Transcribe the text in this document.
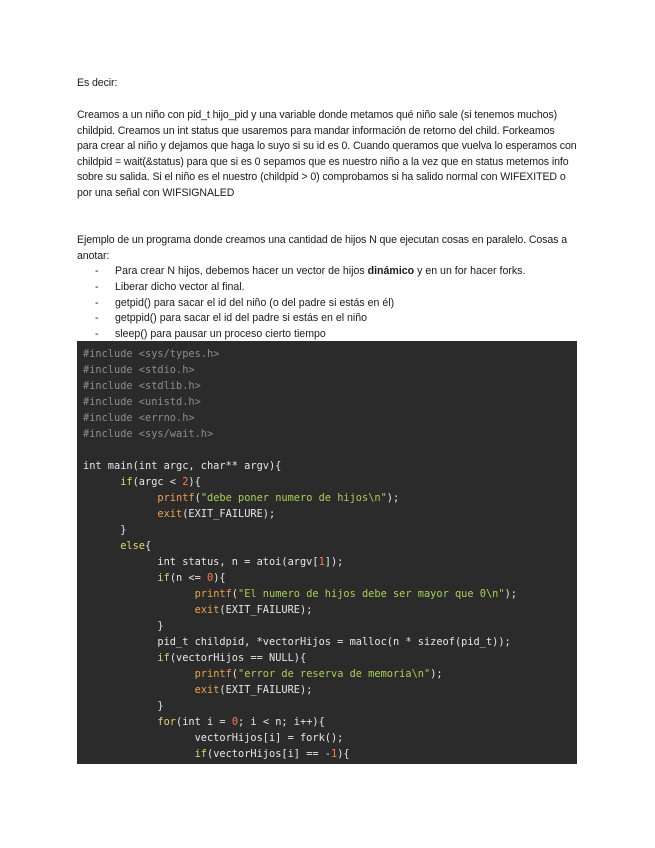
Es decir:
Creamos a un niño con pid_t hijo_pid y una variable donde metamos qué niño sale (si tenemos muchos) childpid. Creamos un int status que usaremos para mandar información de retorno del child. Forkeamos para crear al niño y dejamos que haga lo suyo si su id es 0. Cuando queramos que vuelva lo esperamos con childpid = wait(&status) para que si es 0 sepamos que es nuestro niño a la vez que en status metemos info sobre su salida. Si el niño es el nuestro (childpid > 0) comprobamos si ha salido normal con WIFEXITED o por una señal con WIFSIGNALED
Ejemplo de un programa donde creamos una cantidad de hijos N que ejecutan cosas en paralelo. Cosas a anotar:
- Para crear N hijos, debemos hacer un vector de hijos dinámico y en un for hacer forks.
- Liberar dicho vector al final.
- getpid() para sacar el id del niño (o del padre si estás en él)
- getppid() para sacar el id del padre si estás en el niño
- sleep() para pausar un proceso cierto tiempo
#include <sys/types.h>
#include <stdio.h>
#include <stdlib.h>
#include <unistd.h>
#include <errno.h>
#include <sys/wait.h>
int main(int argc, char** argv){
if(argc < 2){
printf("debe poner numero de hijos\n");
exit(EXIT_FAILURE);
}
else{
int status, n = atoi(argv[1]);
if(n <= 0){
printf("El numero de hijos debe ser mayor que 0\n");
exit(EXIT_FAILURE);
}
pid_t childpid, *vectorHijos = malloc(n * sizeof(pid_t));
if(vectorHijos == NULL){
printf("error de reserva de memoria\n");
exit(EXIT_FAILURE);
}
for(int i = 0; i < n; i++){
vectorHijos[i] = fork();
if(vectorHijos[i] == -1){
